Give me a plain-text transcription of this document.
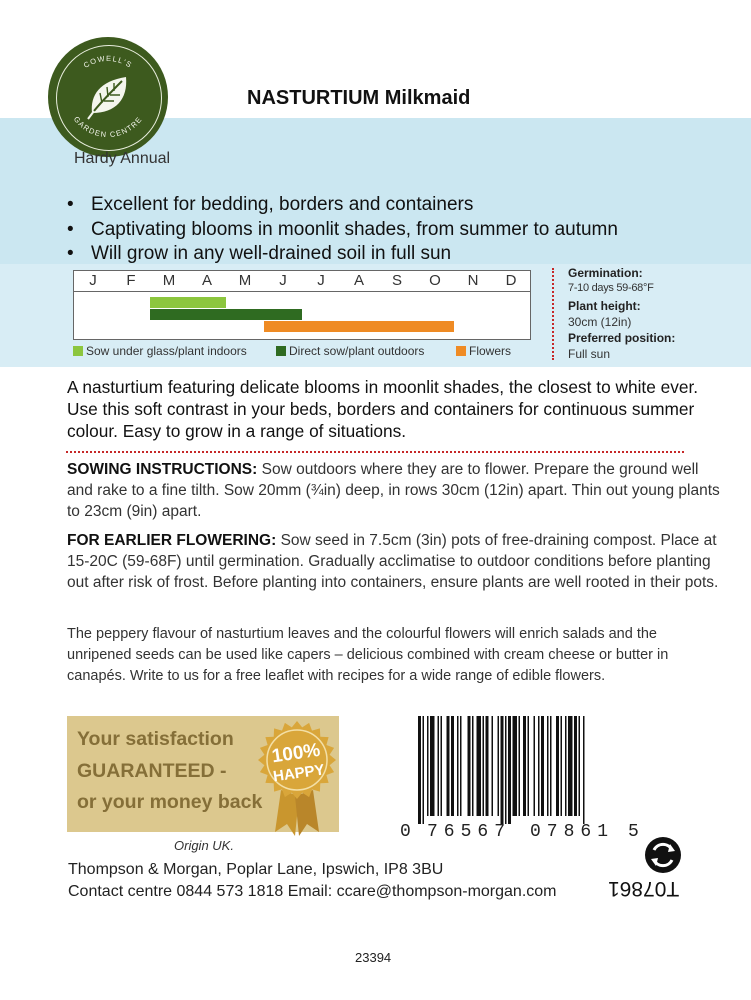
COWELL'S
GARDEN CENTRE
NASTURTIUM Milkmaid
Hardy Annual
• Excellent for bedding, borders and containers
• Captivating blooms in moonlit shades, from summer to autumn
• Will grow in any well-drained soil in full sun
J	F	M	A	M	J	J	A	S	O	N	D
Sow under glass/plant indoors	Direct sow/plant outdoors	Flowers
Germination:
7-10 days 59-68°F
Plant height:
30cm (12in)
Preferred position:
Full sun
A nasturtium featuring delicate blooms in moonlit shades, the closest to white ever. Use this soft contrast in your beds, borders and containers for continuous summer colour. Easy to grow in a range of situations.
SOWING INSTRUCTIONS: Sow outdoors where they are to flower. Prepare the ground well and rake to a fine tilth. Sow 20mm (¾in) deep, in rows 30cm (12in) apart. Thin out young plants to 23cm (9in) apart.
FOR EARLIER FLOWERING: Sow seed in 7.5cm (3in) pots of free-draining compost. Place at 15-20C (59-68F) until germination. Gradually acclimatise to outdoor conditions before planting out after risk of frost. Before planting into containers, ensure plants are well rooted in their pots.
The peppery flavour of nasturtium leaves and the colourful flowers will enrich salads and the unripened seeds can be used like capers – delicious combined with cream cheese or butter in canapés. Write to us for a free leaflet with recipes for a wide range of edible flowers.
Your satisfaction
GUARANTEED -
or your money back
100%
HAPPY
0 76567 07861 5
Origin UK.
Thompson & Morgan, Poplar Lane, Ipswich, IP8 3BU
Contact centre 0844 573 1818 Email: ccare@thompson-morgan.com T07861
23394
